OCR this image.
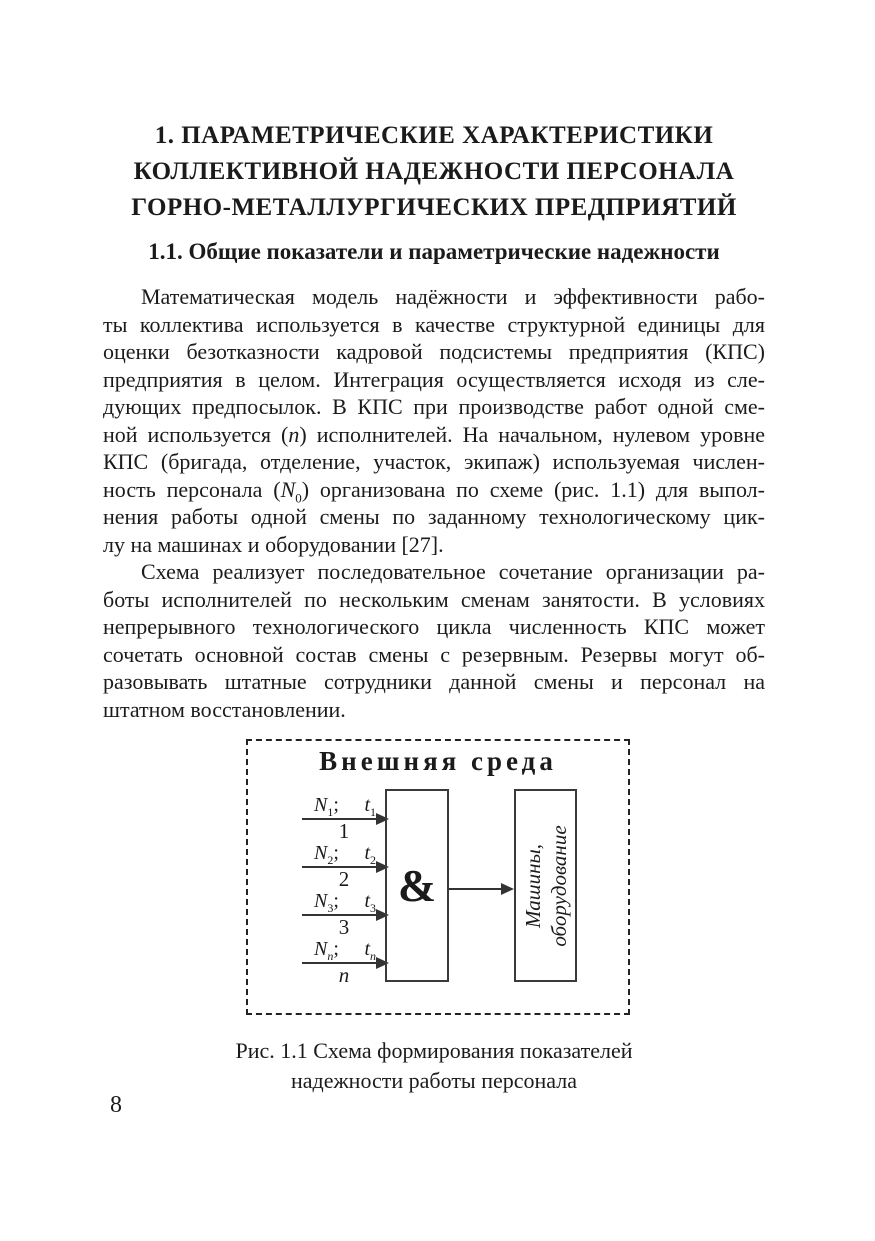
1. ПАРАМЕТРИЧЕСКИЕ ХАРАКТЕРИСТИКИ
КОЛЛЕКТИВНОЙ НАДЕЖНОСТИ ПЕРСОНАЛА
ГОРНО-МЕТАЛЛУРГИЧЕСКИХ ПРЕДПРИЯТИЙ
1.1. Общие показатели и параметрические надежности
Математическая модель надёжности и эффективности рабо-
ты коллектива используется в качестве структурной единицы для
оценки безотказности кадровой подсистемы предприятия (КПС)
предприятия в целом. Интеграция осуществляется исходя из сле-
дующих предпосылок. В КПС при производстве работ одной сме-
ной используется (n) исполнителей. На начальном, нулевом уровне
КПС (бригада, отделение, участок, экипаж) используемая числен-
ность персонала $(N_0)$ организована по схеме (рис. 1.1) для выпол-
нения работы одной смены по заданному технологическому цик-
лу на машинах и оборудовании [27].
Схема реализует последовательное сочетание организации ра-
боты исполнителей по нескольким сменам занятости. В условиях
непрерывного технологического цикла численность КПС может
сочетать основной состав смены с резервным. Резервы могут об-
разовывать штатные сотрудники данной смены и персонал на
штатном восстановлении.
Внешняя среда
$N_1$; $t_1$
1
$N_2$; $t_2$
2
$N_3$; $t_3$
3
$N_n$; $t_n$
n
&	Машины, оборудование
Рис. 1.1 Схема формирования показателей
надежности работы персонала
8
